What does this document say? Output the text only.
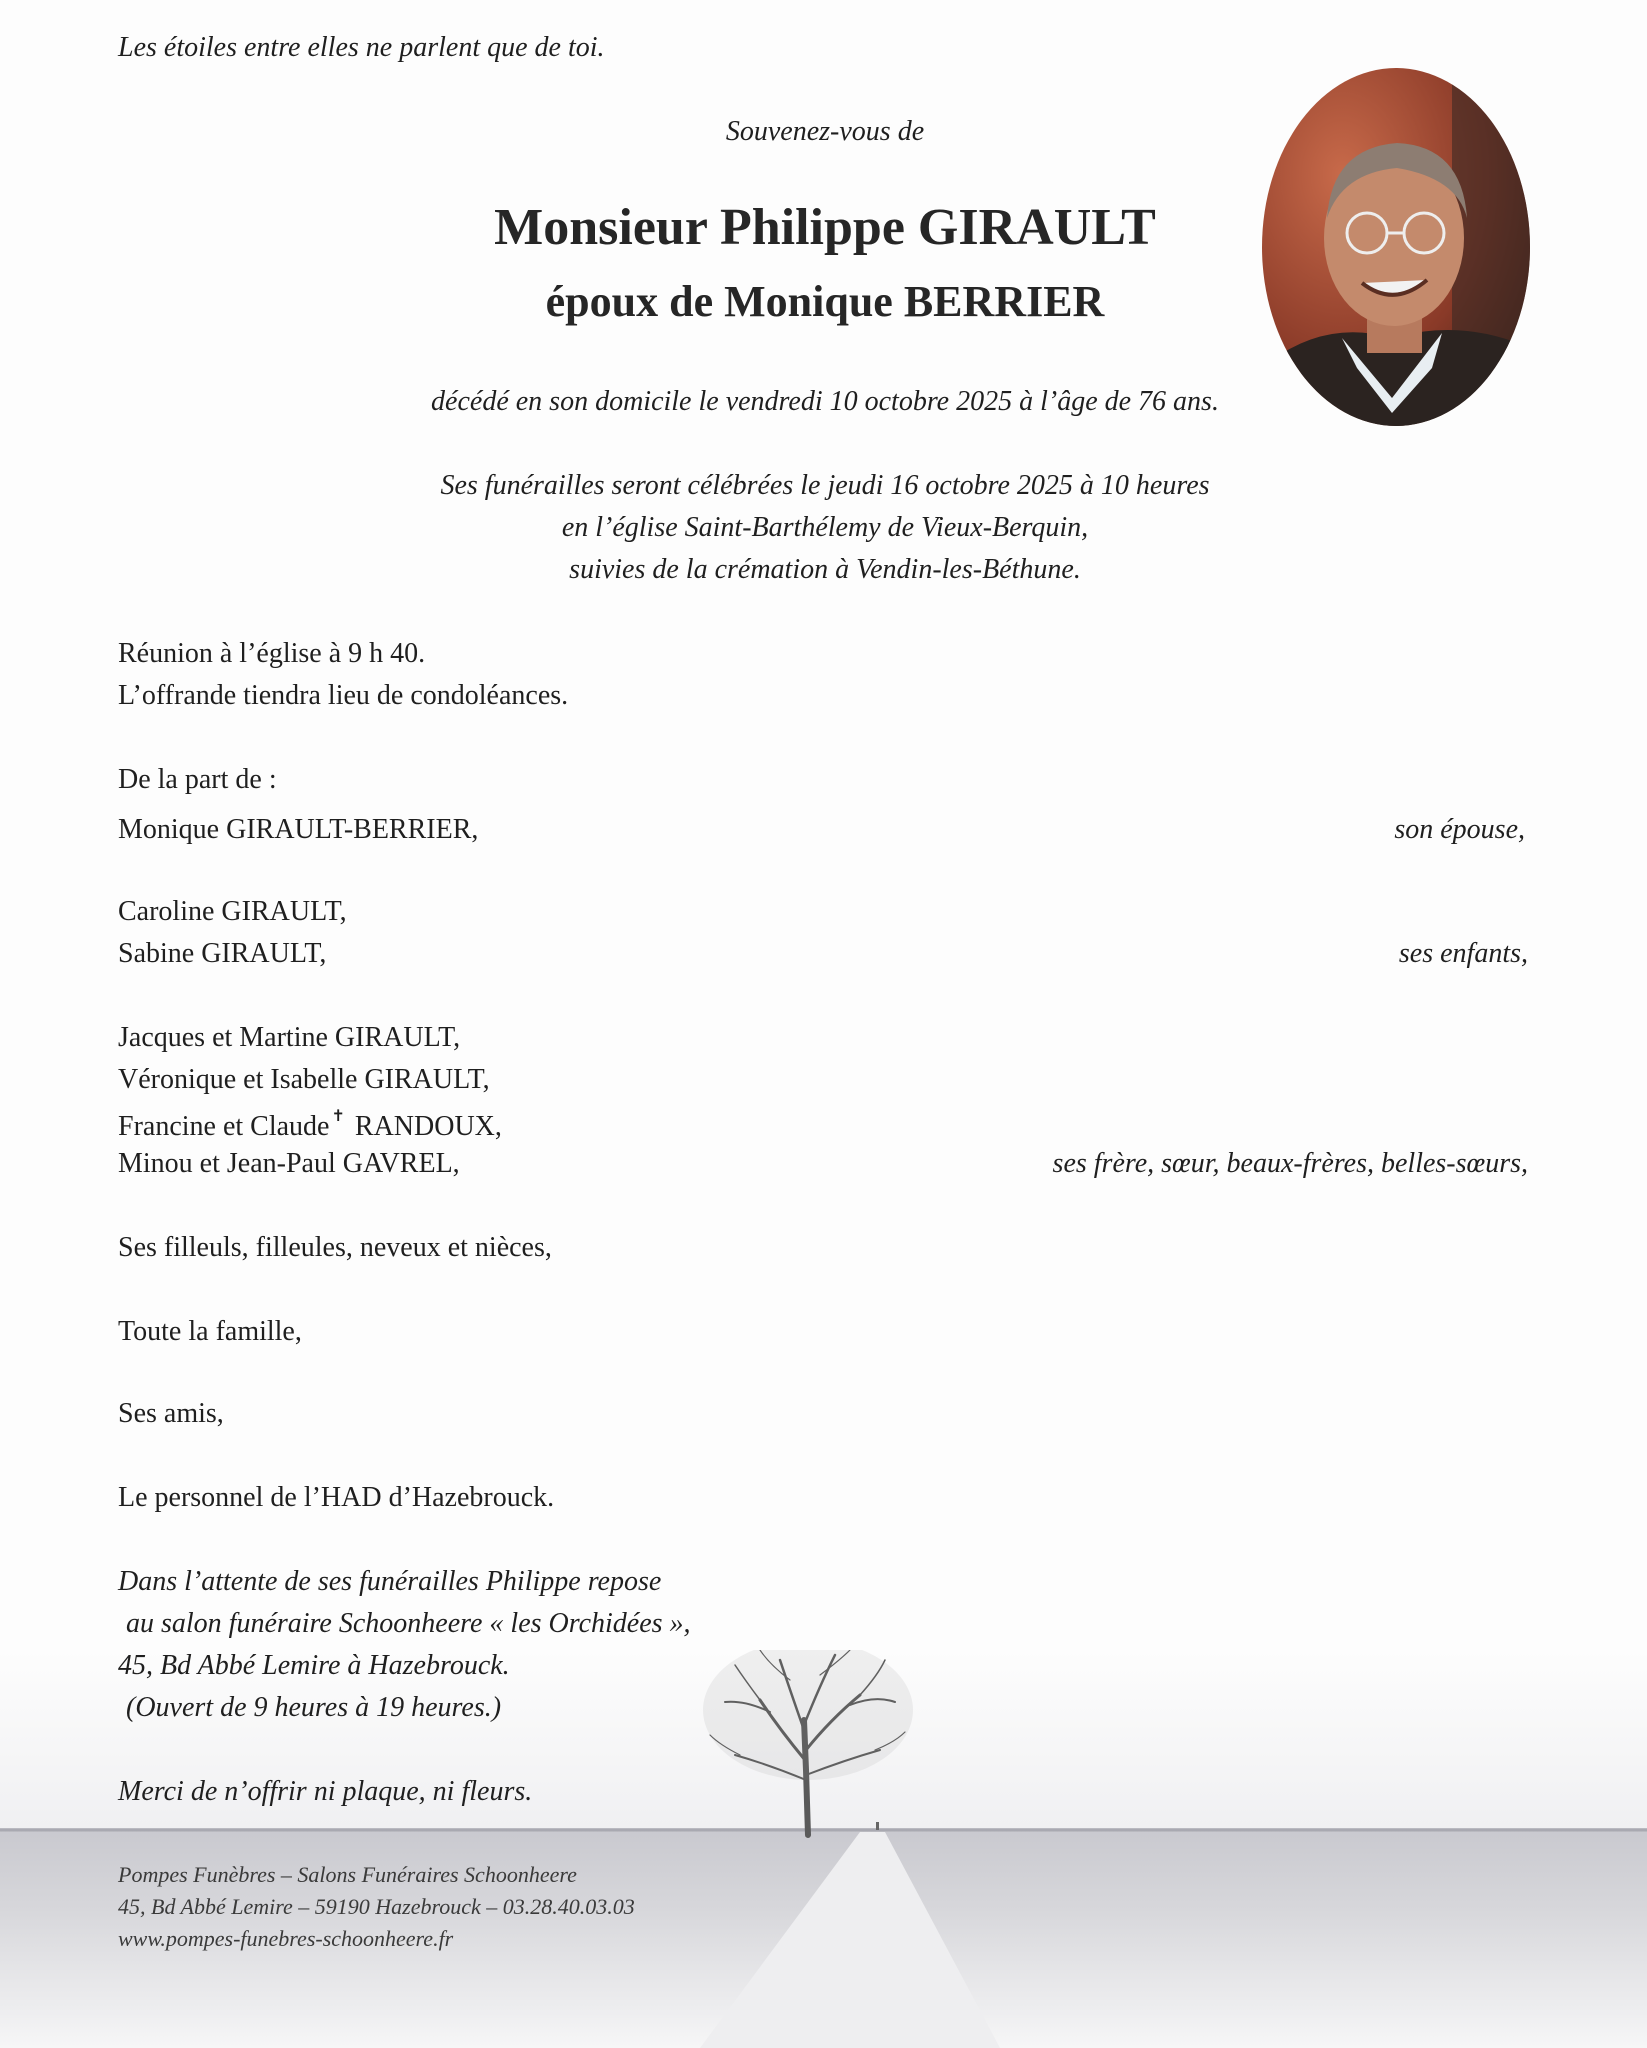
Les étoiles entre elles ne parlent que de toi.
Souvenez-vous de
Monsieur Philippe GIRAULT
époux de Monique BERRIER
décédé en son domicile le vendredi 10 octobre 2025 à l’âge de 76 ans.
Ses funérailles seront célébrées le jeudi 16 octobre 2025 à 10 heures
en l’église Saint-Barthélemy de Vieux-Berquin,
suivies de la crémation à Vendin-les-Béthune.
Réunion à l’église à 9 h 40.
L’offrande tiendra lieu de condoléances.
De la part de :
Monique GIRAULT-BERRIER,	son épouse,
Caroline GIRAULT,
Sabine GIRAULT,	ses enfants,
Jacques et Martine GIRAULT,
Véronique et Isabelle GIRAULT,
Francine et Claude ✝ RANDOUX,
Minou et Jean-Paul GAVREL,	ses frère, sœur, beaux-frères, belles-sœurs,
Ses filleuls, filleules, neveux et nièces,
Toute la famille,
Ses amis,
Le personnel de l’HAD d’Hazebrouck.
Dans l’attente de ses funérailles Philippe repose
au salon funéraire Schoonheere « les Orchidées »,
45, Bd Abbé Lemire à Hazebrouck.
(Ouvert de 9 heures à 19 heures.)
Merci de n’offrir ni plaque, ni fleurs.
Pompes Funèbres – Salons Funéraires Schoonheere
45, Bd Abbé Lemire – 59190 Hazebrouck – 03.28.40.03.03
www.pompes-funebres-schoonheere.fr
